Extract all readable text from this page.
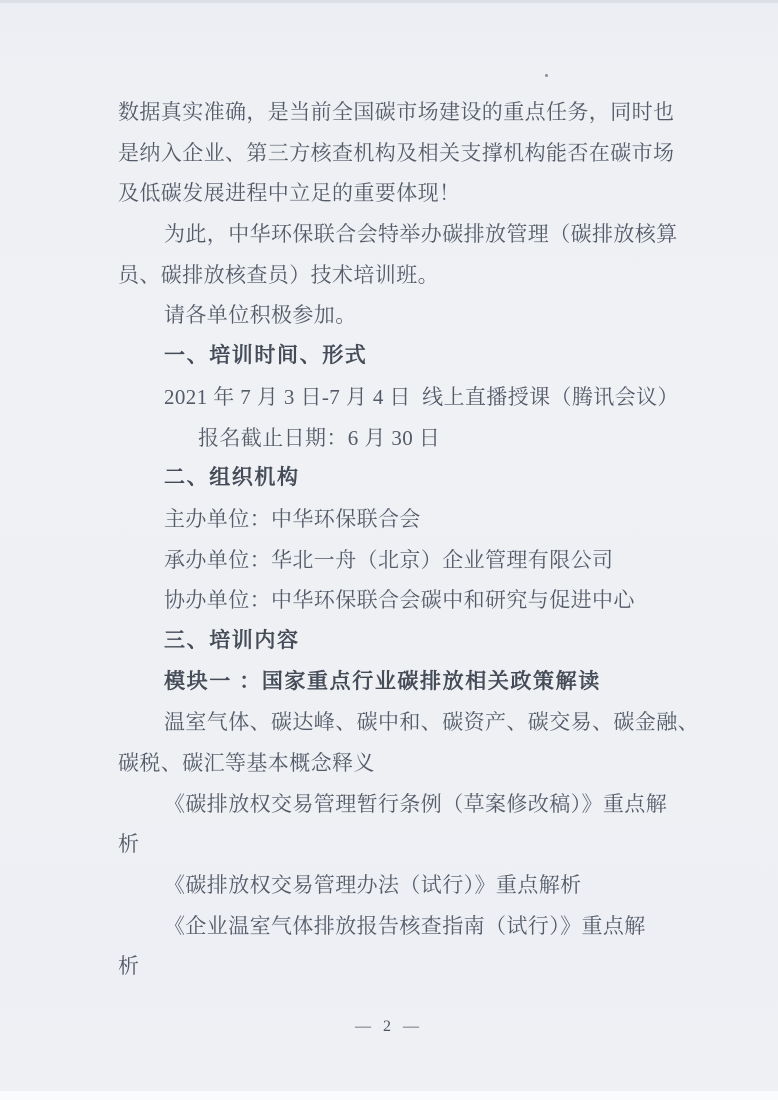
数据真实准确，是当前全国碳市场建设的重点任务，同时也
是纳入企业、第三方核查机构及相关支撑机构能否在碳市场
及低碳发展进程中立足的重要体现！
为此，中华环保联合会特举办碳排放管理（碳排放核算
员、碳排放核查员）技术培训班。
请各单位积极参加。
一、培训时间、形式
2021 年 7 月 3 日-7 月 4 日  线上直播授课（腾讯会议）
报名截止日期：6 月 30 日
二、组织机构
主办单位：中华环保联合会
承办单位：华北一舟（北京）企业管理有限公司
协办单位：中华环保联合会碳中和研究与促进中心
三、培训内容
模块一 ：国家重点行业碳排放相关政策解读
温室气体、碳达峰、碳中和、碳资产、碳交易、碳金融、
碳税、碳汇等基本概念释义
《碳排放权交易管理暂行条例（草案修改稿）》重点解
析
《碳排放权交易管理办法（试行）》重点解析
《企业温室气体排放报告核查指南（试行）》重点解
析
— 2 —
